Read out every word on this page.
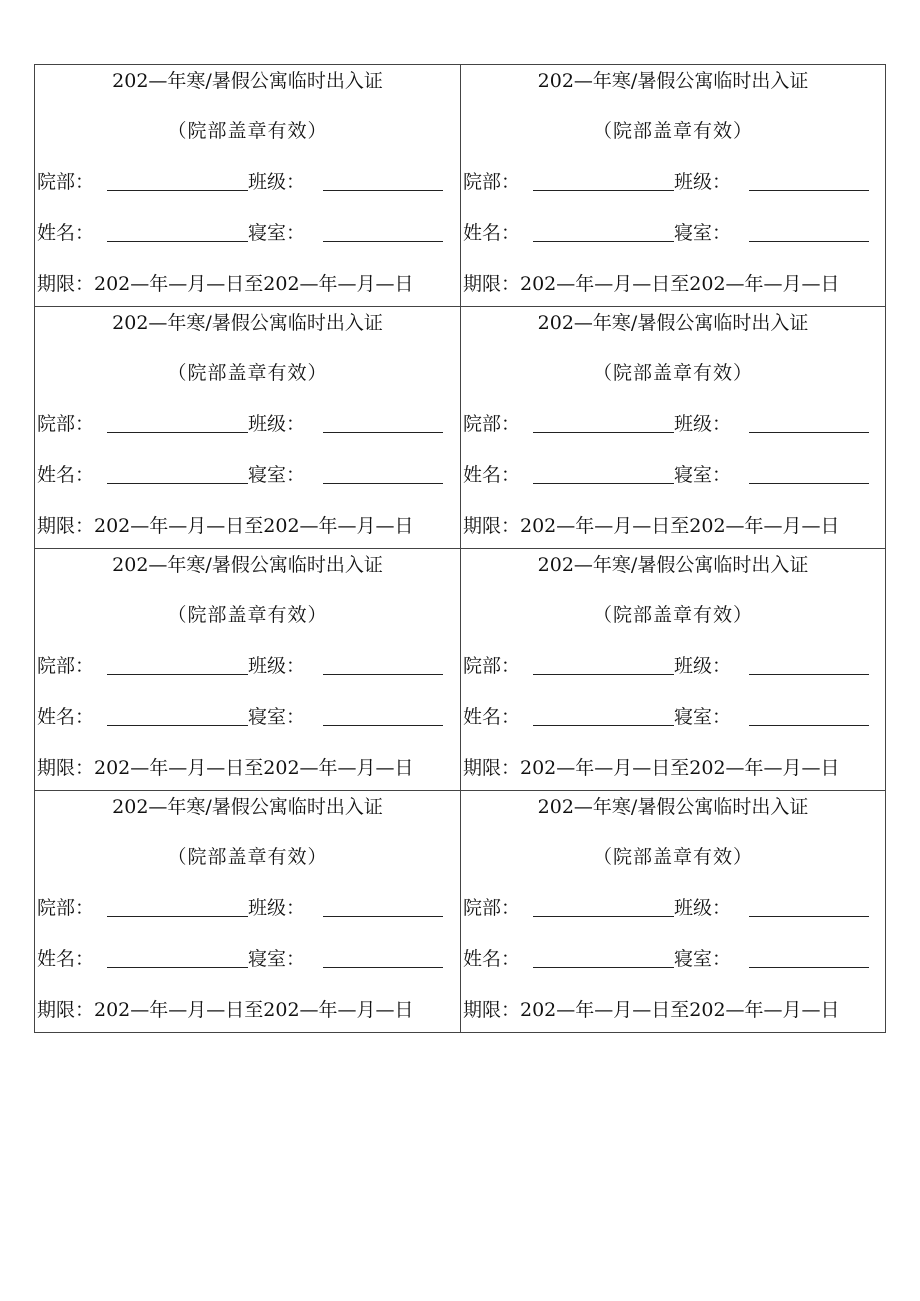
202—年寒/暑假公寓临时出入证
（院部盖章有效）
院部：	班级：
姓名：	寝室：
期限：202—年—月—日至202—年—月—日
202—年寒/暑假公寓临时出入证
（院部盖章有效）
院部：	班级：
姓名：	寝室：
期限：202—年—月—日至202—年—月—日
202—年寒/暑假公寓临时出入证
（院部盖章有效）
院部：	班级：
姓名：	寝室：
期限：202—年—月—日至202—年—月—日
202—年寒/暑假公寓临时出入证
（院部盖章有效）
院部：	班级：
姓名：	寝室：
期限：202—年—月—日至202—年—月—日
202—年寒/暑假公寓临时出入证
（院部盖章有效）
院部：	班级：
姓名：	寝室：
期限：202—年—月—日至202—年—月—日
202—年寒/暑假公寓临时出入证
（院部盖章有效）
院部：	班级：
姓名：	寝室：
期限：202—年—月—日至202—年—月—日
202—年寒/暑假公寓临时出入证
（院部盖章有效）
院部：	班级：
姓名：	寝室：
期限：202—年—月—日至202—年—月—日
202—年寒/暑假公寓临时出入证
（院部盖章有效）
院部：	班级：
姓名：	寝室：
期限：202—年—月—日至202—年—月—日
